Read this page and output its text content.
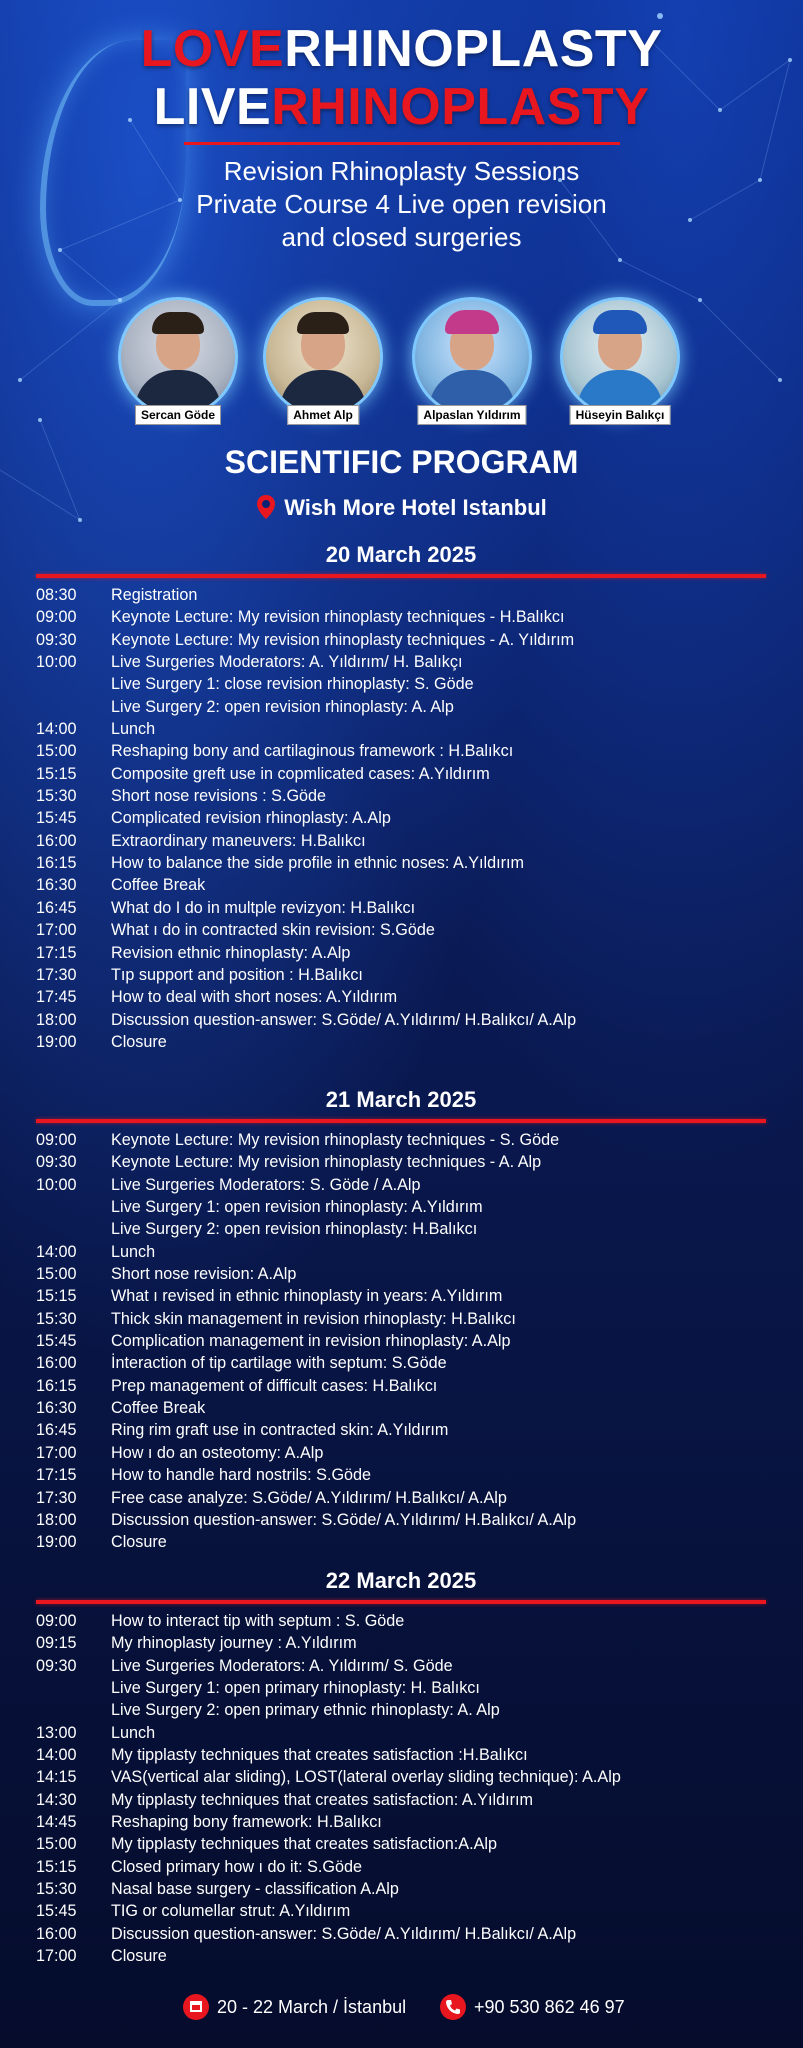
LOVERHINOPLASTY
LIVERHINOPLASTY
Revision Rhinoplasty Sessions
Private Course 4 Live open revision
and closed surgeries
Sercan Göde	Ahmet Alp	Alpaslan Yıldırım	Hüseyin Balıkçı
SCIENTIFIC PROGRAM
Wish More Hotel Istanbul
20 March 2025
08:30	Registration
09:00	Keynote Lecture: My revision rhinoplasty techniques - H.Balıkcı
09:30	Keynote Lecture: My revision rhinoplasty techniques - A. Yıldırım
10:00	Live Surgeries Moderators: A. Yıldırım/ H. Balıkçı
Live Surgery 1: close revision rhinoplasty: S. Göde
Live Surgery 2: open revision rhinoplasty: A. Alp
14:00	Lunch
15:00	Reshaping bony and cartilaginous framework : H.Balıkcı
15:15	Composite greft use in copmlicated cases: A.Yıldırım
15:30	Short nose revisions : S.Göde
15:45	Complicated revision rhinoplasty: A.Alp
16:00	Extraordinary maneuvers: H.Balıkcı
16:15	How to balance the side profile in ethnic noses: A.Yıldırım
16:30	Coffee Break
16:45	What do I do in multple revizyon: H.Balıkcı
17:00	What ı do in contracted skin revision: S.Göde
17:15	Revision ethnic rhinoplasty: A.Alp
17:30	Tıp support and position : H.Balıkcı
17:45	How to deal with short noses: A.Yıldırım
18:00	Discussion question-answer: S.Göde/ A.Yıldırım/ H.Balıkcı/ A.Alp
19:00	Closure
21 March 2025
09:00	Keynote Lecture: My revision rhinoplasty techniques - S. Göde
09:30	Keynote Lecture: My revision rhinoplasty techniques - A. Alp
10:00	Live Surgeries Moderators: S. Göde / A.Alp
Live Surgery 1: open revision rhinoplasty: A.Yıldırım
Live Surgery 2: open revision rhinoplasty: H.Balıkcı
14:00	Lunch
15:00	Short nose revision: A.Alp
15:15	What ı revised in ethnic rhinoplasty in years: A.Yıldırım
15:30	Thick skin management in revision rhinoplasty: H.Balıkcı
15:45	Complication management in revision rhinoplasty: A.Alp
16:00	İnteraction of tip cartilage with septum: S.Göde
16:15	Prep management of difficult cases: H.Balıkcı
16:30	Coffee Break
16:45	Ring rim graft use in contracted skin: A.Yıldırım
17:00	How ı do an osteotomy: A.Alp
17:15	How to handle hard nostrils: S.Göde
17:30	Free case analyze: S.Göde/ A.Yıldırım/ H.Balıkcı/ A.Alp
18:00	Discussion question-answer: S.Göde/ A.Yıldırım/ H.Balıkcı/ A.Alp
19:00	Closure
22 March 2025
09:00	How to interact tip with septum : S. Göde
09:15	My rhinoplasty journey : A.Yıldırım
09:30	Live Surgeries Moderators: A. Yıldırım/ S. Göde
Live Surgery 1: open primary rhinoplasty: H. Balıkcı
Live Surgery 2: open primary ethnic rhinoplasty: A. Alp
13:00	Lunch
14:00	My tipplasty techniques that creates satisfaction :H.Balıkcı
14:15	VAS(vertical alar sliding), LOST(lateral overlay sliding technique): A.Alp
14:30	My tipplasty techniques that creates satisfaction: A.Yıldırım
14:45	Reshaping bony framework: H.Balıkcı
15:00	My tipplasty techniques that creates satisfaction:A.Alp
15:15	Closed primary how ı do it: S.Göde
15:30	Nasal base surgery - classification A.Alp
15:45	TIG or columellar strut: A.Yıldırım
16:00	Discussion question-answer: S.Göde/ A.Yıldırım/ H.Balıkcı/ A.Alp
17:00	Closure
20 - 22 March / İstanbul	+90 530 862 46 97
